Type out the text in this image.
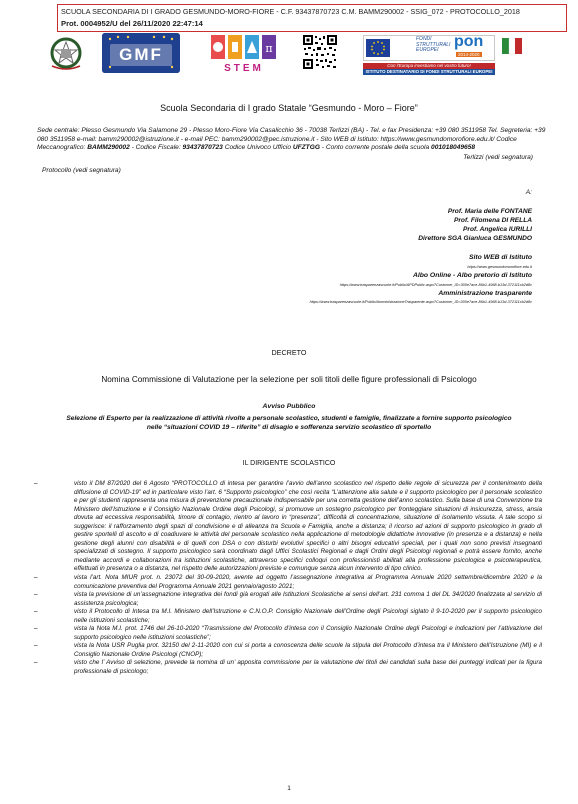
SCUOLA SECONDARIA DI I GRADO GESMUNDO-MORO-FIORE - C.F. 93437870723 C.M. BAMM290002 - SSIG_072 - PROTOCOLLO_2018
Prot. 0004952/U del 26/11/2020 22:47:14
GMF	π
STEM
FONDI
STRUTTURALI
EUROPEI
pon
2014-2020
Con l'Europa investiamo nel vostro futuro!
ISTITUTO DESTINATARIO DI FONDI STRUTTURALI EUROPEI PON FSE-FESR
Scuola Secondaria di I grado Statale “Gesmundo - Moro – Fiore”
Sede centrale: Plesso Gesmundo Via Salamone 29 - Plesso Moro-Fiore Via Casalicchio 36 - 70038 Terlizzi (BA) - Tel. e fax Presidenza: +39 080 3511958 Tel. Segreteria: +39 080 3511958 e-mail: bamm290002@istruzione.it - e-mail PEC: bamm290002@pec.istruzione.it - Sito WEB di Istituto: https://www.gesmundomorofiore.edu.it/ Codice Meccanografico: BAMM290002 - Codice Fiscale: 93437870723 Codice Univoco Ufficio UFZTGG - Conto corrente postale della scuola 001018049658
Terlizzi (vedi segnatura)
Protocollo (vedi segnatura)
A:
Prof. Maria delle FONTANE
Prof. Filomena DI RELLA
Prof. Angelica IURILLI
Direttore SGA Gianluca GESMUNDO
Sito WEB di Istituto
https://www.gesmundomorofiore.edu.it
Albo Online - Albo pretorio di Istituto
https://www.trasparenzascuole.it/Public/APDPublic.aspx?Customer_ID=300e7ace-86b1-4968-b13d-372111cb2d8c
Amministrazione trasparente
https://www.trasparenzascuole.it/Public/AmministrazioneTrasparente.aspx?Customer_ID=300e7ace-86b1-4968-b13d-372111cb2d8c
DECRETO
Nomina Commissione di Valutazione per la selezione per soli titoli delle figure professionali di Psicologo
Avviso Pubblico
Selezione di Esperto per la realizzazione di attività rivolte a personale scolastico, studenti e famiglie, finalizzate a fornire supporto psicologico nelle “situazioni COVID 19 – riferite” di disagio e sofferenza servizio scolastico di sportello
IL DIRIGENTE SCOLASTICO
–	visto il DM 87/2020 del 6 Agosto “PROTOCOLLO di intesa per garantire l’avvio dell’anno scolastico nel rispetto delle regole di sicurezza per il contenimento della diffusione di COVID-19” ed in particolare visto l’art. 6 “Supporto psicologico” che così recita “L’attenzione alla salute e il supporto psicologico per il personale scolastico e per gli studenti rappresenta una misura di prevenzione precauzionale indispensabile per una corretta gestione dell’anno scolastico. Sulla base di una Convenzione tra Ministero dell’Istruzione e il Consiglio Nazionale Ordine degli Psicologi, si promuove un sostegno psicologico per fronteggiare situazioni di insicurezza, stress, ansia dovuta ad eccessiva responsabilità, timore di contagio, rientro al lavoro in “presenza”, difficoltà di concentrazione, situazione di isolamento vissuta. A tale scopo si suggerisce: il rafforzamento degli spazi di condivisione e di alleanza tra Scuola e Famiglia, anche a distanza; il ricorso ad azioni di supporto psicologico in grado di gestire sportelli di ascolto e di coadiuvare le attività del personale scolastico nella applicazione di metodologie didattiche innovative (in presenza e a distanza) e nella gestione degli alunni con disabilità e di quelli con DSA o con disturbi evolutivi specifici o altri bisogni educativi speciali, per i quali non sono previsti insegnanti specializzati di sostegno. Il supporto psicologico sarà coordinato dagli Uffici Scolastici Regionali e dagli Ordini degli Psicologi regionali e potrà essere fornito, anche mediante accordi e collaborazioni tra istituzioni scolastiche, attraverso specifici colloqui con professionisti abilitati alla professione psicologica e psicoterapeutica, effettuati in presenza o a distanza, nel rispetto delle autorizzazioni previste e comunque senza alcun intervento di tipo clinico.

–	vista l’art. Nota MIUR prot. n. 23072 del 30-09-2020, avente ad oggetto l’assegnazione integrativa al Programma Annuale 2020 settembre/dicembre 2020 e la comunicazione preventiva del Programma Annuale 2021 gennaio/agosto 2021;

–	vista la previsione di un’assegnazione integrativa dei fondi già erogati alle Istituzioni Scolastiche ai sensi dell’art. 231 comma 1 del DL 34/2020 finalizzata al servizio di assistenza psicologica;

–	visto il Protocollo di Intesa tra M.I. Ministero dell’Istruzione e C.N.O.P. Consiglio Nazionale dell’Ordine degli Psicologi siglato il 9-10-2020 per il supporto psicologico nelle istituzioni scolastiche;

–	vista la Nota M.I. prot. 1746 del 26-10-2020 “Trasmissione del Protocollo d’intesa con il Consiglio Nazionale Ordine degli Psicologi e indicazioni per l’attivazione del supporto psicologico nelle istituzioni scolastiche”;

–	vista la Nota USR Puglia prot. 32150 del 2-11-2020 con cui si porta a conoscenza delle scuole la stipula del Protocollo d’intesa tra il Ministero dell’Istruzione (MI) e il Consiglio Nazionale Ordine Psicologi (CNOP);

–	visto che l’ Avviso di selezione, prevede la nomina di un’ apposita commissione per la valutazione dei titoli dei candidati sulla base dei punteggi indicati per la figura professionale di psicologo;

1
